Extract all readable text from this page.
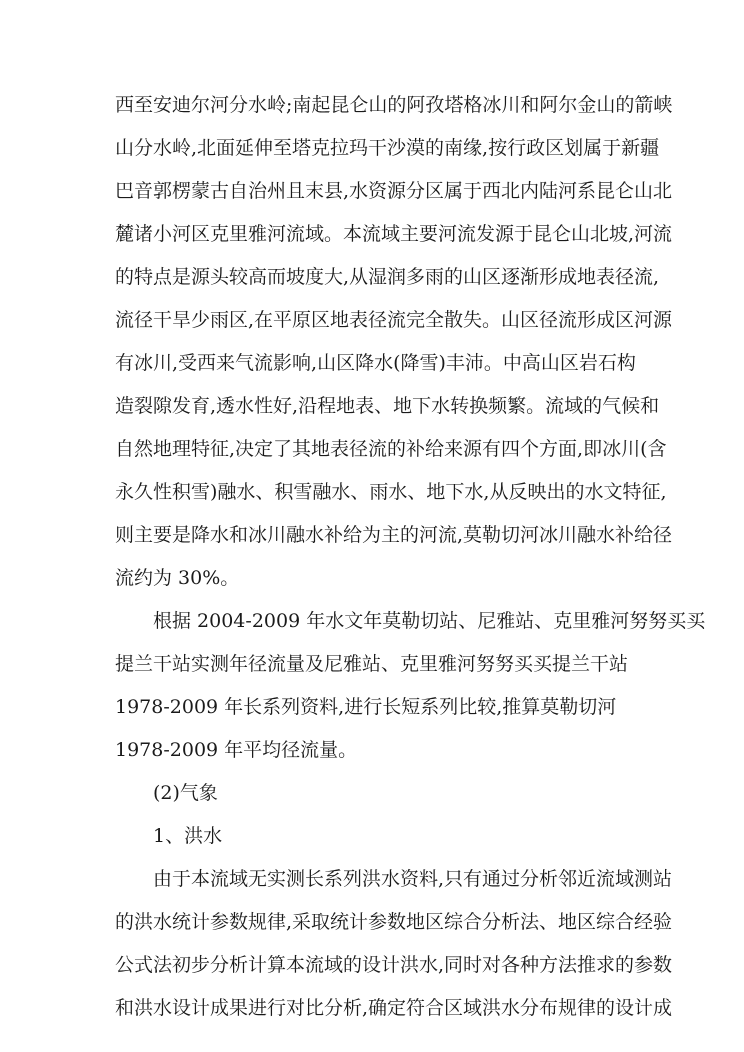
西至安迪尔河分水岭;南起昆仑山的阿孜塔格冰川和阿尔金山的箭峡
山分水岭,北面延伸至塔克拉玛干沙漠的南缘,按行政区划属于新疆
巴音郭楞蒙古自治州且末县,水资源分区属于西北内陆河系昆仑山北
麓诸小河区克里雅河流域。本流域主要河流发源于昆仑山北坡,河流
的特点是源头较高而坡度大,从湿润多雨的山区逐渐形成地表径流,
流径干旱少雨区,在平原区地表径流完全散失。山区径流形成区河源
有冰川,受西来气流影响,山区降水(降雪)丰沛。中高山区岩石构
造裂隙发育,透水性好,沿程地表、地下水转换频繁。流域的气候和
自然地理特征,决定了其地表径流的补给来源有四个方面,即冰川(含
永久性积雪)融水、积雪融水、雨水、地下水,从反映出的水文特征,
则主要是降水和冰川融水补给为主的河流,莫勒切河冰川融水补给径
流约为 30%。
根据 2004-2009 年水文年莫勒切站、尼雅站、克里雅河努努买买
提兰干站实测年径流量及尼雅站、克里雅河努努买买提兰干站
1978-2009 年长系列资料,进行长短系列比较,推算莫勒切河
1978-2009 年平均径流量。
(2)气象
1、洪水
由于本流域无实测长系列洪水资料,只有通过分析邻近流域测站
的洪水统计参数规律,采取统计参数地区综合分析法、地区综合经验
公式法初步分析计算本流域的设计洪水,同时对各种方法推求的参数
和洪水设计成果进行对比分析,确定符合区域洪水分布规律的设计成
